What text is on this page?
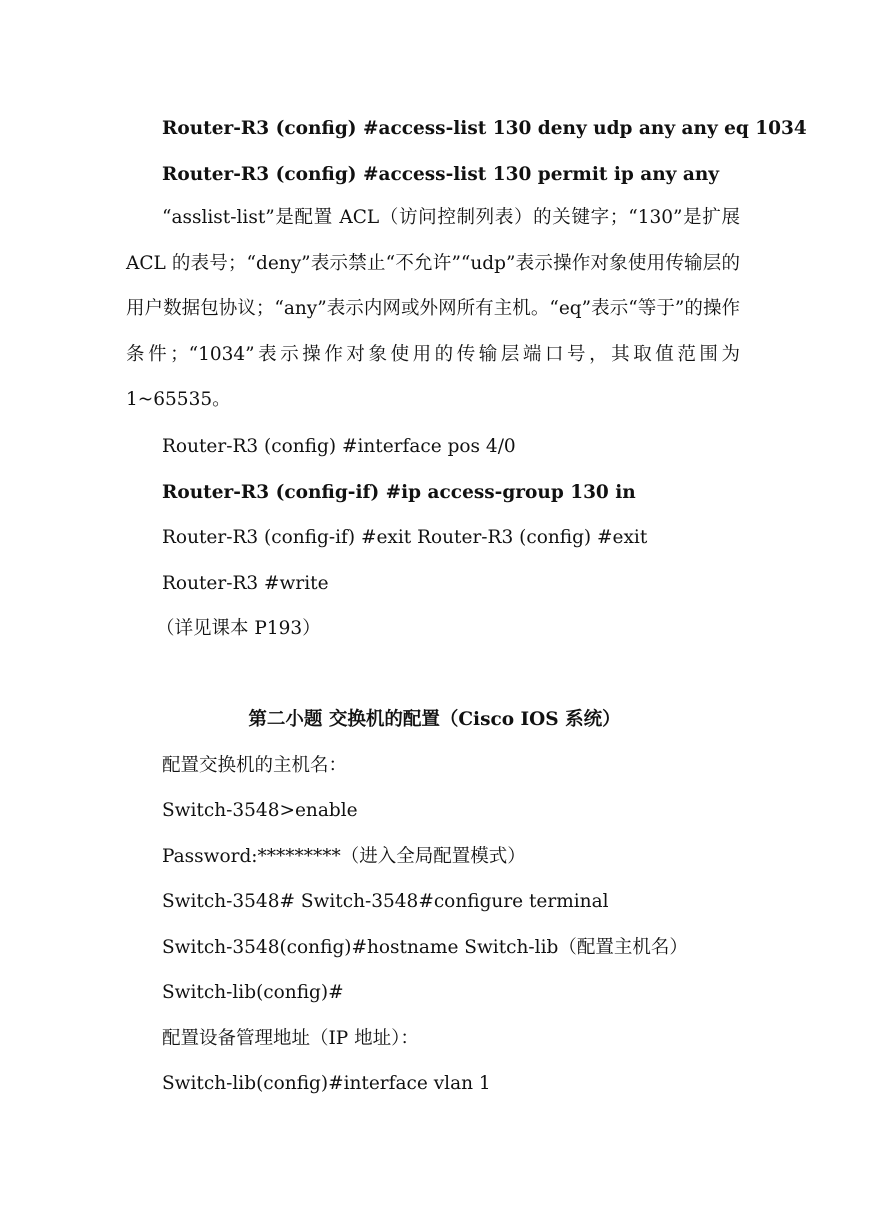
Router-R3 (config) #access-list 130 deny udp any any eq 1034
Router-R3 (config) #access-list 130 permit ip any any

“asslist-list”是配置 ACL（访问控制列表）的关键字；“130”是扩展 ACL 的表号；“deny”表示禁止“不允许”“udp”表示操作对象使用传输层的用户数据包协议；“any”表示内网或外网所有主机。“eq”表示“等于”的操作条件；“1034”表示操作对象使用的传输层端口号，其取值范围为 1~65535。

Router-R3 (config) #interface pos 4/0
Router-R3 (config-if) #ip access-group 130 in
Router-R3 (config-if) #exit Router-R3 (config) #exit
Router-R3 #write
（详见课本 P193）
第二小题 交换机的配置（Cisco IOS 系统）
配置交换机的主机名：
Switch-3548>enable
Password:*********（进入全局配置模式）
Switch-3548# Switch-3548#configure terminal
Switch-3548(config)#hostname Switch-lib（配置主机名）
Switch-lib(config)#
配置设备管理地址（IP 地址）：
Switch-lib(config)#interface vlan 1
